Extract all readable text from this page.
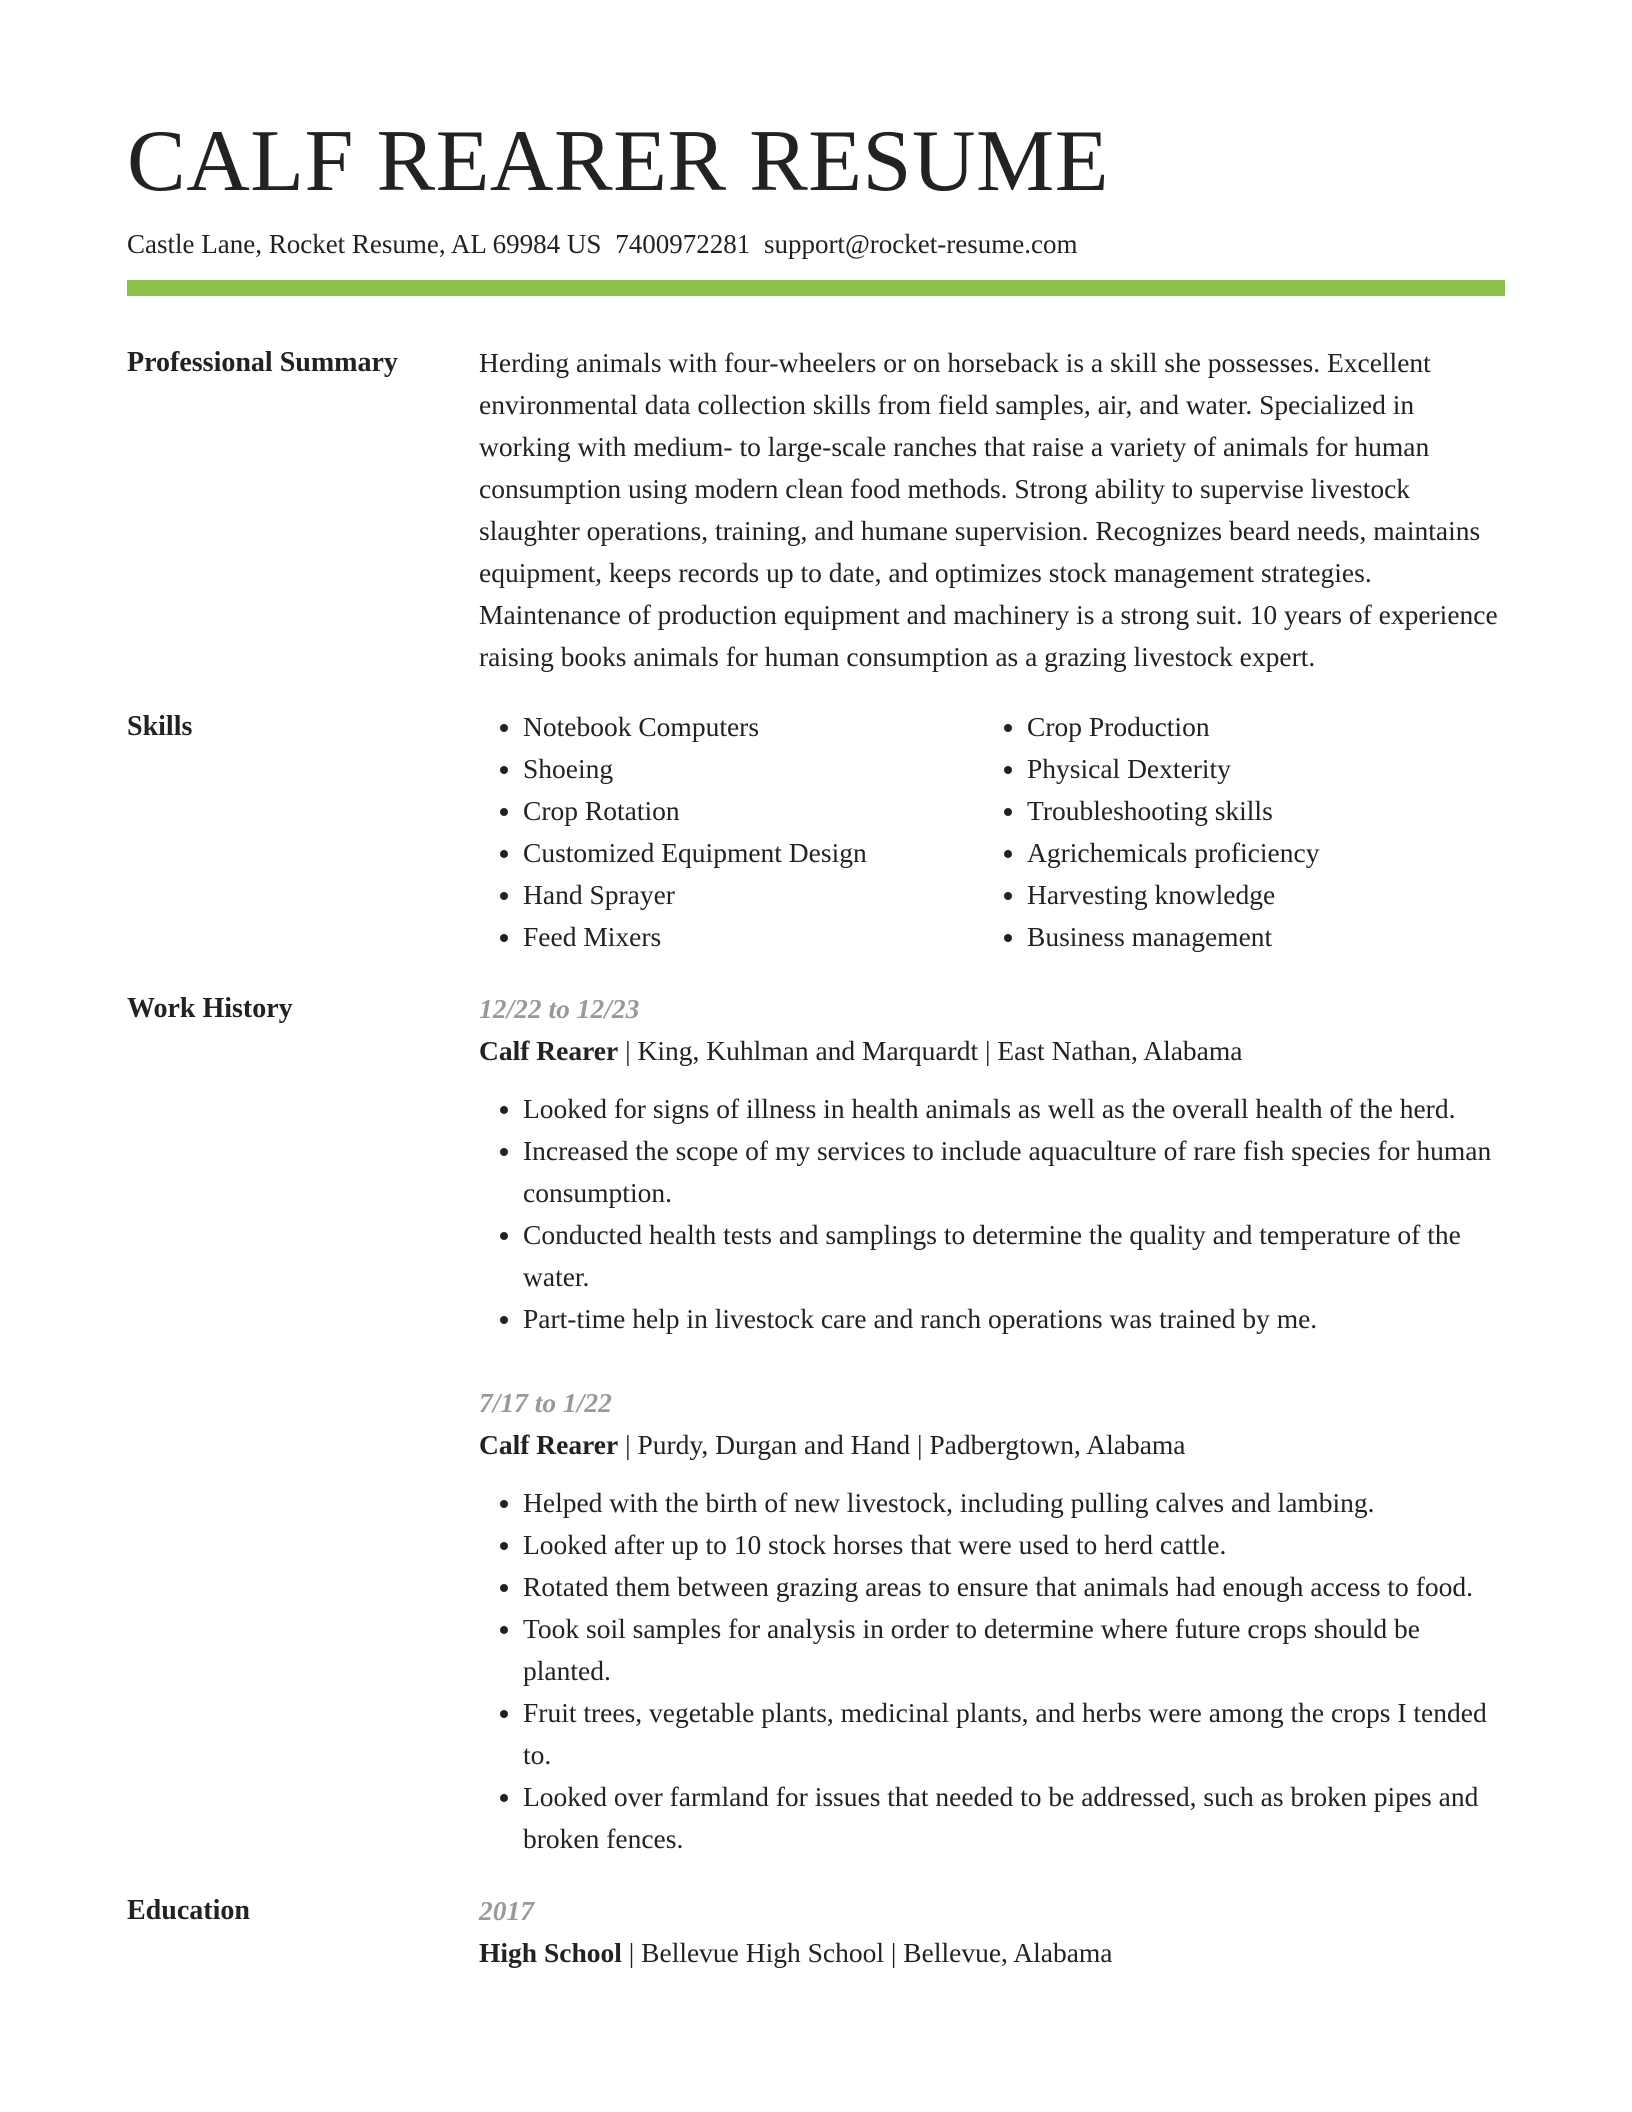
CALF REARER RESUME
Castle Lane, Rocket Resume, AL 69984 US 7400972281 support@rocket-resume.com
Professional Summary	Herding animals with four-wheelers or on horseback is a skill she possesses. Excellent environmental data collection skills from field samples, air, and water. Specialized in working with medium- to large-scale ranches that raise a variety of animals for human consumption using modern clean food methods. Strong ability to supervise livestock slaughter operations, training, and humane supervision. Recognizes beard needs, maintains equipment, keeps records up to date, and optimizes stock management strategies. Maintenance of production equipment and machinery is a strong suit. 10 years of experience raising books animals for human consumption as a grazing livestock expert.

Skills
•	Notebook Computers
• Shoeing
• Crop Rotation
• Customized Equipment Design
• Hand Sprayer
• Feed Mixers
• Crop Production
• Physical Dexterity
• Troubleshooting skills
• Agrichemicals proficiency
• Harvesting knowledge
• Business management
Work History	12/22 to 12/23
Calf Rearer | King, Kuhlman and Marquardt | East Nathan, Alabama
• Looked for signs of illness in health animals as well as the overall health of the herd.
• Increased the scope of my services to include aquaculture of rare fish species for human consumption.
• Conducted health tests and samplings to determine the quality and temperature of the water.
• Part-time help in livestock care and ranch operations was trained by me.
7/17 to 1/22
Calf Rearer | Purdy, Durgan and Hand | Padbergtown, Alabama
• Helped with the birth of new livestock, including pulling calves and lambing.
• Looked after up to 10 stock horses that were used to herd cattle.
• Rotated them between grazing areas to ensure that animals had enough access to food.
• Took soil samples for analysis in order to determine where future crops should be planted.
• Fruit trees, vegetable plants, medicinal plants, and herbs were among the crops I tended to.
• Looked over farmland for issues that needed to be addressed, such as broken pipes and broken fences.
Education	2017
High School | Bellevue High School | Bellevue, Alabama
